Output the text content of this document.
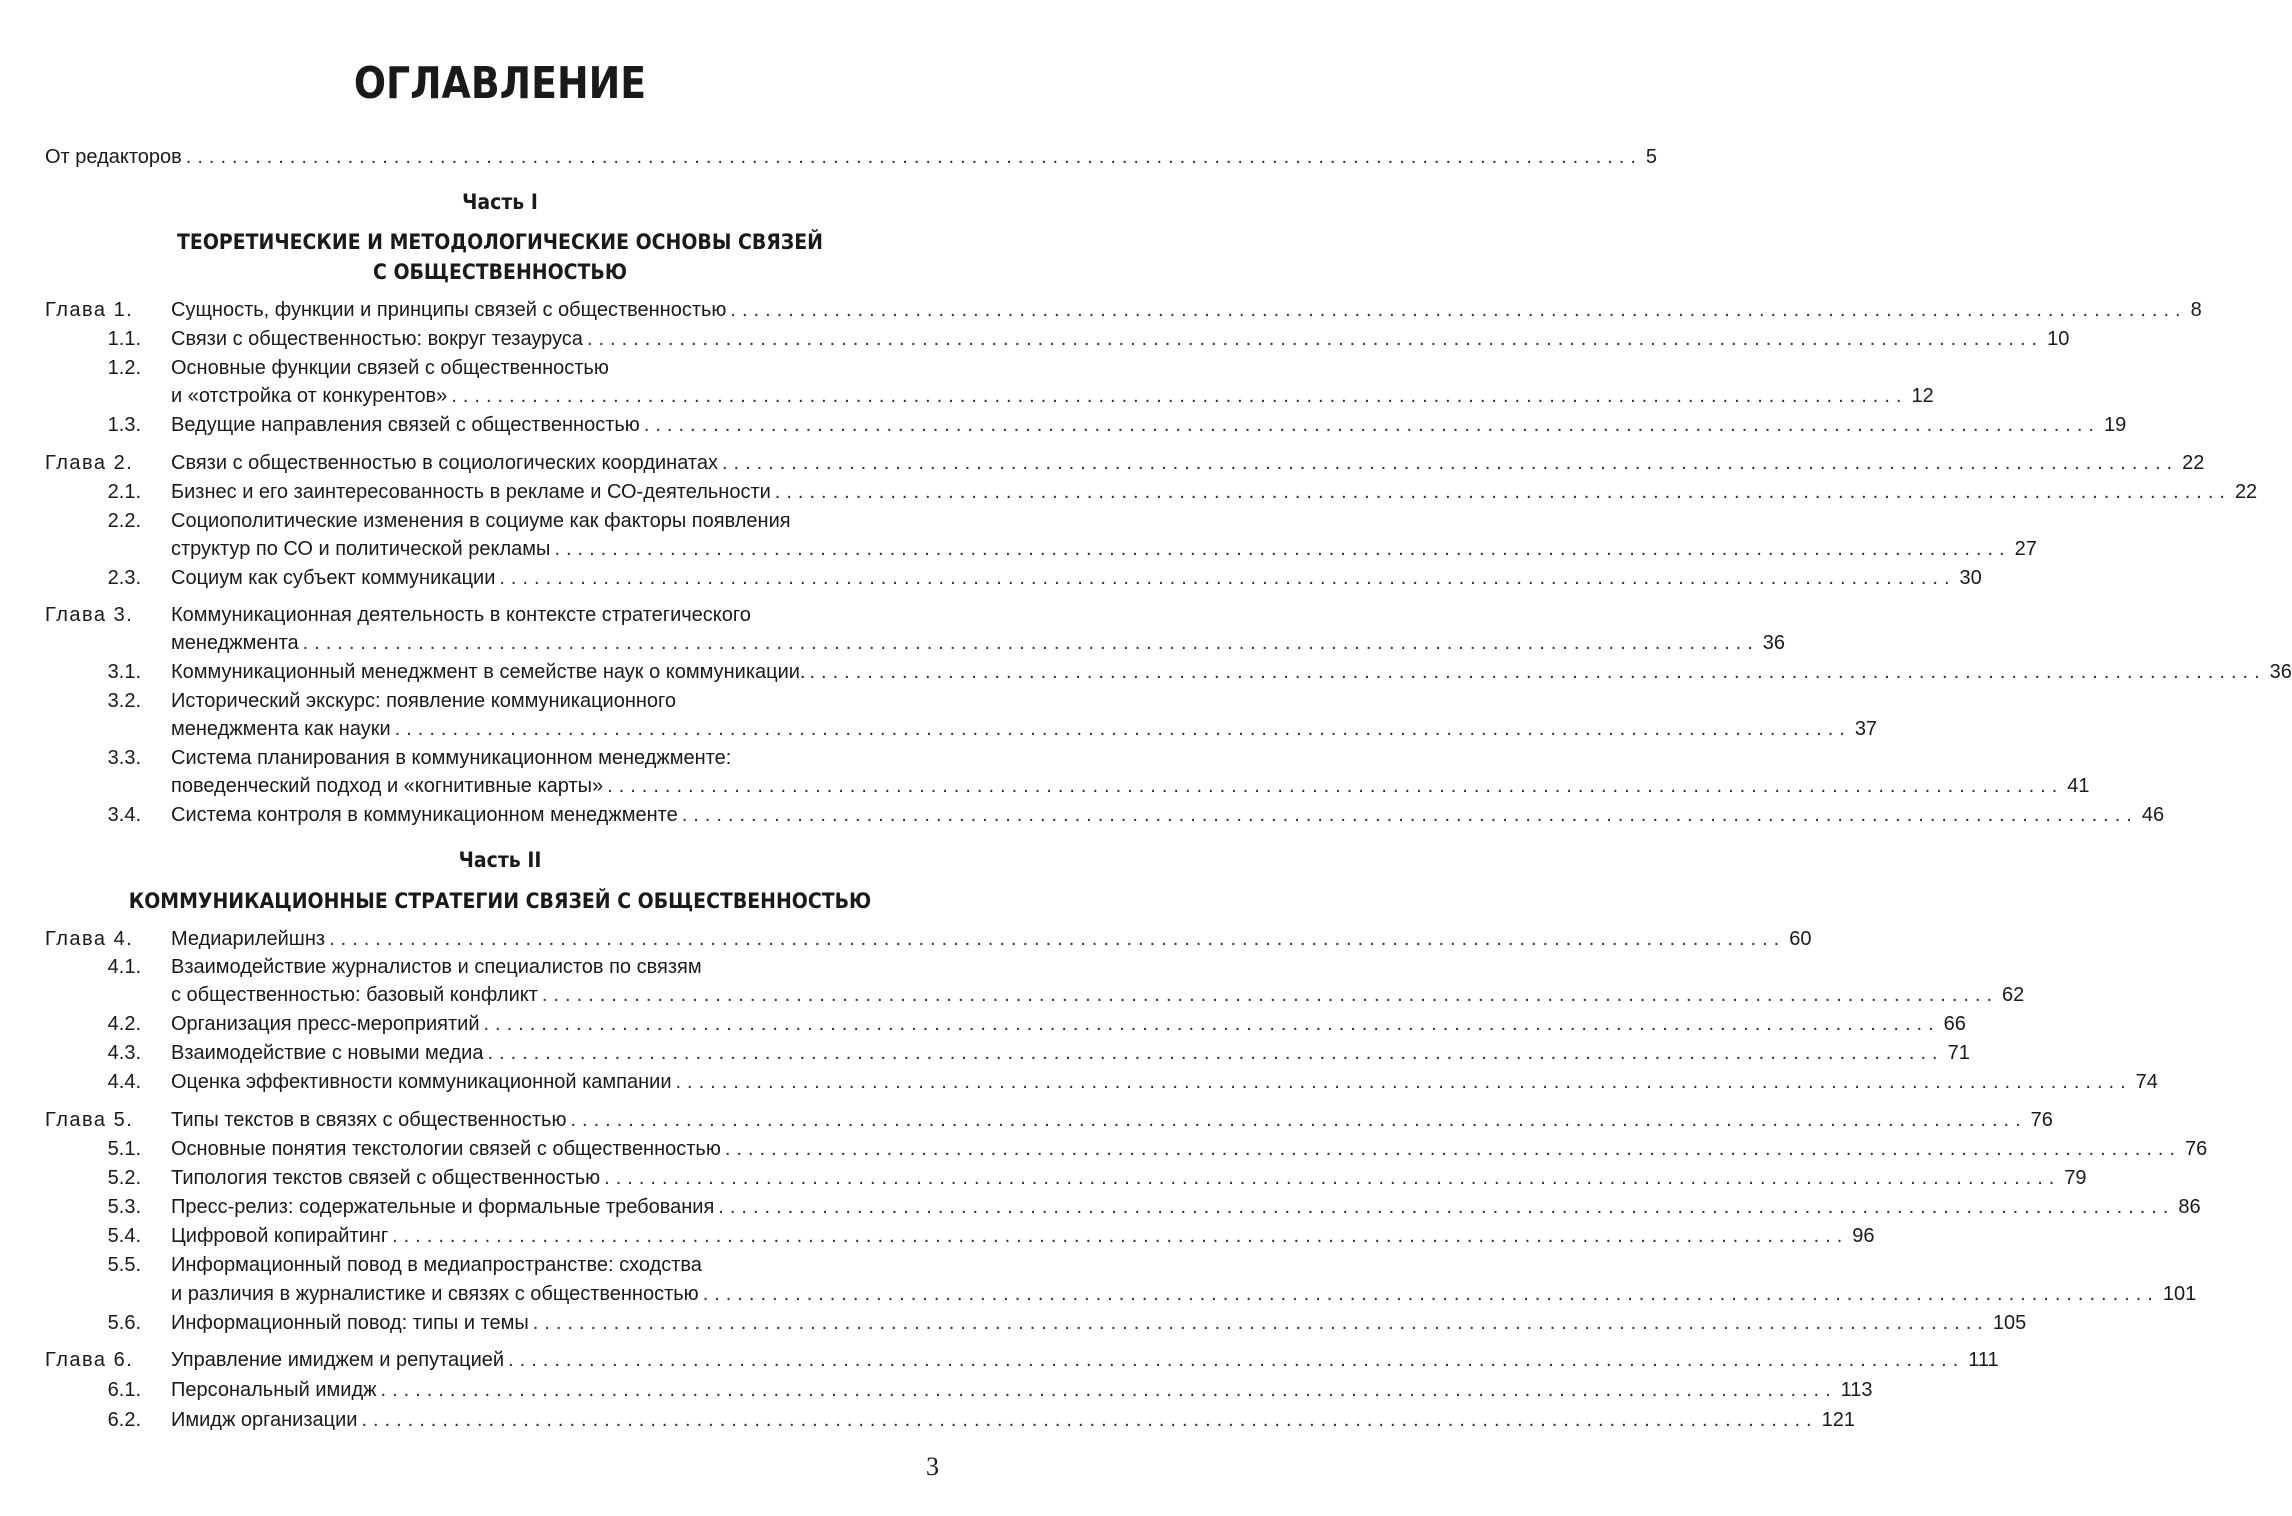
ОГЛАВЛЕНИЕ
От редакторов .............................................................................................................................. 5
Часть I
ТЕОРЕТИЧЕСКИЕ И МЕТОДОЛОГИЧЕСКИЕ ОСНОВЫ СВЯЗЕЙ
С ОБЩЕСТВЕННОСТЬЮ
Глава 1.	Сущность, функции и принципы связей с общественностью .............................................................................................................................. 8
1.1. Связи с общественностью: вокруг тезауруса .............................................................................................................................. 10
1.2. Основные функции связей с общественностью
и «отстройка от конкурентов» .............................................................................................................................. 12
1.3. Ведущие направления связей с общественностью .............................................................................................................................. 19
Глава 2.	Связи с общественностью в социологических координатах .............................................................................................................................. 22
2.1. Бизнес и его заинтересованность в рекламе и СО-деятельности .............................................................................................................................. 22
2.2. Социополитические изменения в социуме как факторы появления
структур по СО и политической рекламы .............................................................................................................................. 27
2.3. Социум как субъект коммуникации .............................................................................................................................. 30
Глава 3.	Коммуникационная деятельность в контексте стратегического
менеджмента .............................................................................................................................. 36
3.1. Коммуникационный менеджмент в семействе наук о коммуникации. .............................................................................................................................. 36
3.2. Исторический экскурс: появление коммуникационного
менеджмента как науки .............................................................................................................................. 37
3.3. Система планирования в коммуникационном менеджменте:
поведенческий подход и «когнитивные карты» .............................................................................................................................. 41
3.4. Система контроля в коммуникационном менеджменте .............................................................................................................................. 46
Часть II
КОММУНИКАЦИОННЫЕ СТРАТЕГИИ СВЯЗЕЙ С ОБЩЕСТВЕННОСТЬЮ
Глава 4.	Медиарилейшнз .............................................................................................................................. 60
4.1. Взаимодействие журналистов и специалистов по связям
с общественностью: базовый конфликт .............................................................................................................................. 62
4.2. Организация пресс-мероприятий .............................................................................................................................. 66
4.3. Взаимодействие с новыми медиа .............................................................................................................................. 71
4.4. Оценка эффективности коммуникационной кампании .............................................................................................................................. 74
Глава 5.	Типы текстов в связях с общественностью .............................................................................................................................. 76
5.1. Основные понятия текстологии связей с общественностью .............................................................................................................................. 76
5.2. Типология текстов связей с общественностью .............................................................................................................................. 79
5.3. Пресс-релиз: содержательные и формальные требования .............................................................................................................................. 86
5.4. Цифровой копирайтинг .............................................................................................................................. 96
5.5. Информационный повод в медиапространстве: сходства
и различия в журналистике и связях с общественностью .............................................................................................................................. 101
5.6. Информационный повод: типы и темы .............................................................................................................................. 105
Глава 6.	Управление имиджем и репутацией .............................................................................................................................. 111
6.1. Персональный имидж .............................................................................................................................. 113
6.2. Имидж организации .............................................................................................................................. 121
3
